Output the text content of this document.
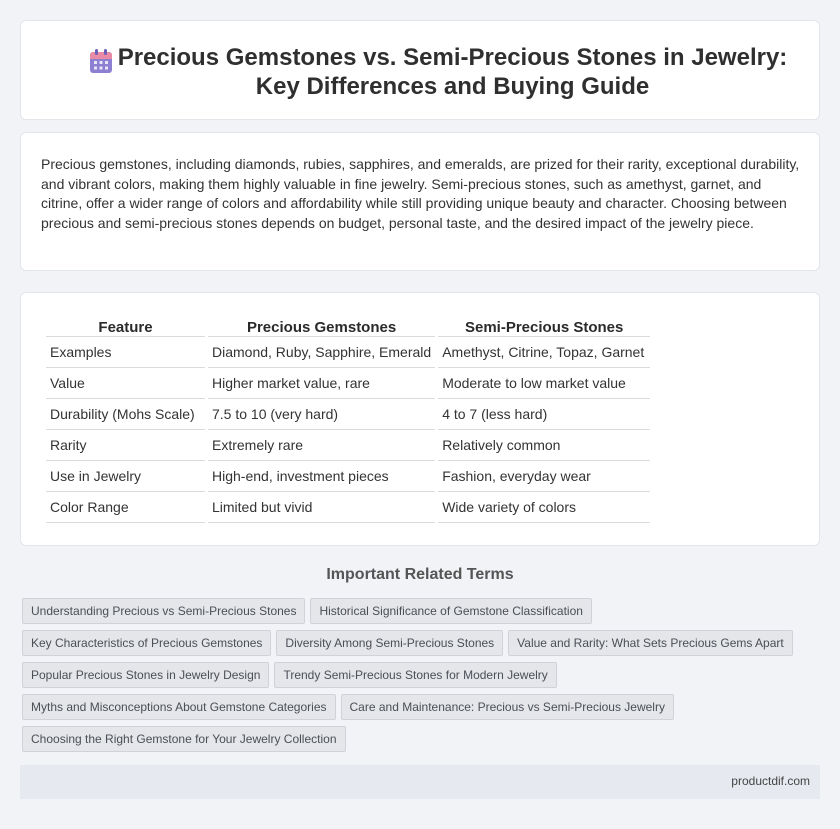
Precious Gemstones vs. Semi-Precious Stones in Jewelry: Key Differences and Buying Guide

Precious gemstones, including diamonds, rubies, sapphires, and emeralds, are prized for their rarity, exceptional durability, and vibrant colors, making them highly valuable in fine jewelry. Semi-precious stones, such as amethyst, garnet, and citrine, offer a wider range of colors and affordability while still providing unique beauty and character. Choosing between precious and semi-precious stones depends on budget, personal taste, and the desired impact of the jewelry piece.

Feature	Precious Gemstones	Semi-Precious Stones
Examples	Diamond, Ruby, Sapphire, Emerald	Amethyst, Citrine, Topaz, Garnet
Value	Higher market value, rare	Moderate to low market value
Durability (Mohs Scale)	7.5 to 10 (very hard)	4 to 7 (less hard)
Rarity	Extremely rare	Relatively common
Use in Jewelry	High-end, investment pieces	Fashion, everyday wear
Color Range	Limited but vivid	Wide variety of colors
Important Related Terms
Understanding Precious vs Semi-Precious Stones	Historical Significance of Gemstone Classification
Key Characteristics of Precious Gemstones	Diversity Among Semi-Precious Stones	Value and Rarity: What Sets Precious Gems Apart
Popular Precious Stones in Jewelry Design	Trendy Semi-Precious Stones for Modern Jewelry
Myths and Misconceptions About Gemstone Categories	Care and Maintenance: Precious vs Semi-Precious Jewelry
Choosing the Right Gemstone for Your Jewelry Collection
productdif.com
